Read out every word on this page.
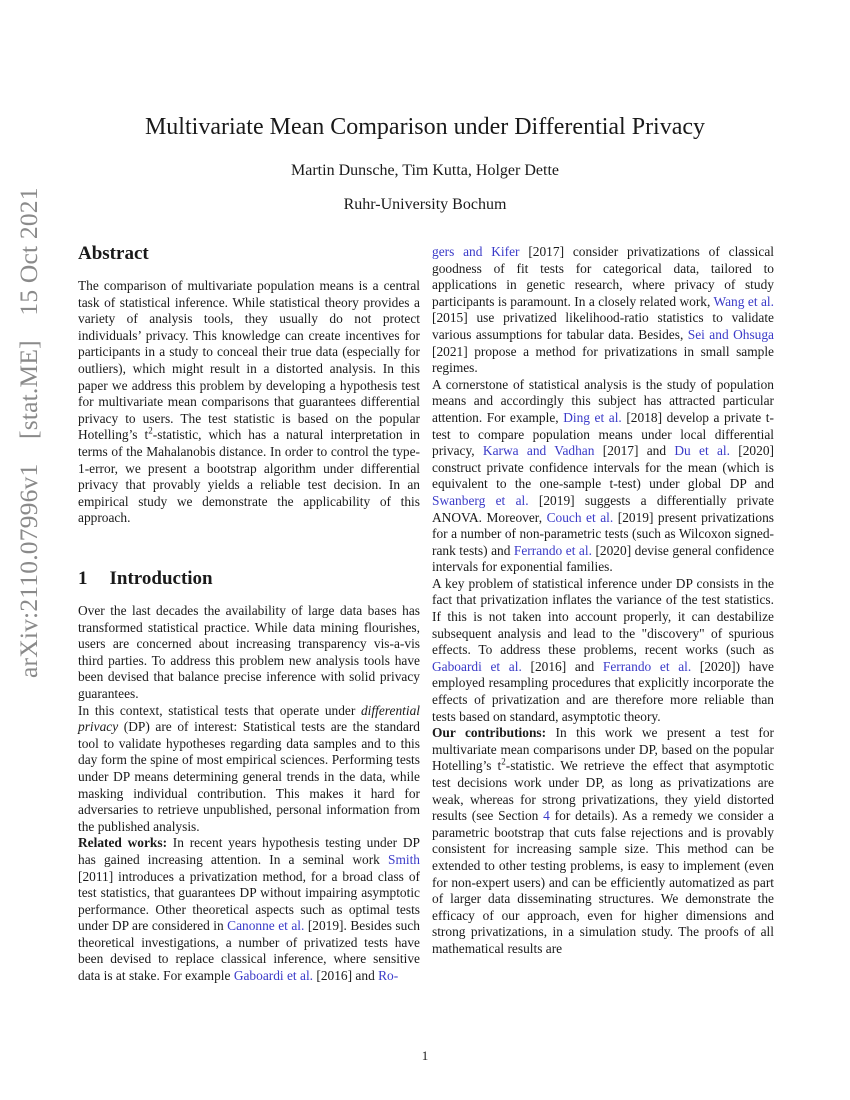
arXiv:2110.07996v1 [stat.ME] 15 Oct 2021
Multivariate Mean Comparison under Differential Privacy
Martin Dunsche, Tim Kutta, Holger Dette
Ruhr-University Bochum
Abstract

The comparison of multivariate population means is a central task of statistical inference. While statistical theory provides a variety of analysis tools, they usually do not protect individuals’ privacy. This knowledge can create incentives for participants in a study to conceal their true data (especially for outliers), which might result in a distorted analysis. In this paper we address this problem by developing a hypothesis test for multivariate mean comparisons that guarantees differential privacy to users. The test statistic is based on the popular Hotelling’s $t^2$-statistic, which has a natural interpretation in terms of the Mahalanobis distance. In order to control the type-1-error, we present a bootstrap algorithm under differential privacy that provably yields a reliable test decision. In an empirical study we demonstrate the applicability of this approach.

1 Introduction

Over the last decades the availability of large data bases has transformed statistical practice. While data mining flourishes, users are concerned about increasing transparency vis-a-vis third parties. To address this problem new analysis tools have been devised that balance precise inference with solid privacy guarantees.

In this context, statistical tests that operate under differential privacy (DP) are of interest: Statistical tests are the standard tool to validate hypotheses regarding data samples and to this day form the spine of most empirical sciences. Performing tests under DP means determining general trends in the data, while masking individual contribution. This makes it hard for adversaries to retrieve unpublished, personal information from the published analysis.

Related works: In recent years hypothesis testing under DP has gained increasing attention. In a seminal work Smith [2011] introduces a privatization method, for a broad class of test statistics, that guarantees DP without impairing asymptotic performance. Other theoretical aspects such as optimal tests under DP are considered in Canonne et al. [2019]. Besides such theoretical investigations, a number of privatized tests have been devised to replace classical inference, where sensitive data is at stake. For example Gaboardi et al. [2016] and Ro-

gers and Kifer [2017] consider privatizations of classical goodness of fit tests for categorical data, tailored to applications in genetic research, where privacy of study participants is paramount. In a closely related work, Wang et al. [2015] use privatized likelihood-ratio statistics to validate various assumptions for tabular data. Besides, Sei and Ohsuga [2021] propose a method for privatizations in small sample regimes.

A cornerstone of statistical analysis is the study of population means and accordingly this subject has attracted particular attention. For example, Ding et al. [2018] develop a private t-test to compare population means under local differential privacy, Karwa and Vadhan [2017] and Du et al. [2020] construct private confidence intervals for the mean (which is equivalent to the one-sample t-test) under global DP and Swanberg et al. [2019] suggests a differentially private ANOVA. Moreover, Couch et al. [2019] present privatizations for a number of non-parametric tests (such as Wilcoxon signed-rank tests) and Ferrando et al. [2020] devise general confidence intervals for exponential families.

A key problem of statistical inference under DP consists in the fact that privatization inflates the variance of the test statistics. If this is not taken into account properly, it can destabilize subsequent analysis and lead to the "discovery" of spurious effects. To address these problems, recent works (such as Gaboardi et al. [2016] and Ferrando et al. [2020]) have employed resampling procedures that explicitly incorporate the effects of privatization and are therefore more reliable than tests based on standard, asymptotic theory.

Our contributions: In this work we present a test for multivariate mean comparisons under DP, based on the popular Hotelling’s $t^2$-statistic. We retrieve the effect that asymptotic test decisions work under DP, as long as privatizations are weak, whereas for strong privatizations, they yield distorted results (see Section 4 for details). As a remedy we consider a parametric bootstrap that cuts false rejections and is provably consistent for increasing sample size. This method can be extended to other testing problems, is easy to implement (even for non-expert users) and can be efficiently automatized as part of larger data disseminating structures. We demonstrate the efficacy of our approach, even for higher dimensions and strong privatizations, in a simulation study. The proofs of all mathematical results are

1
